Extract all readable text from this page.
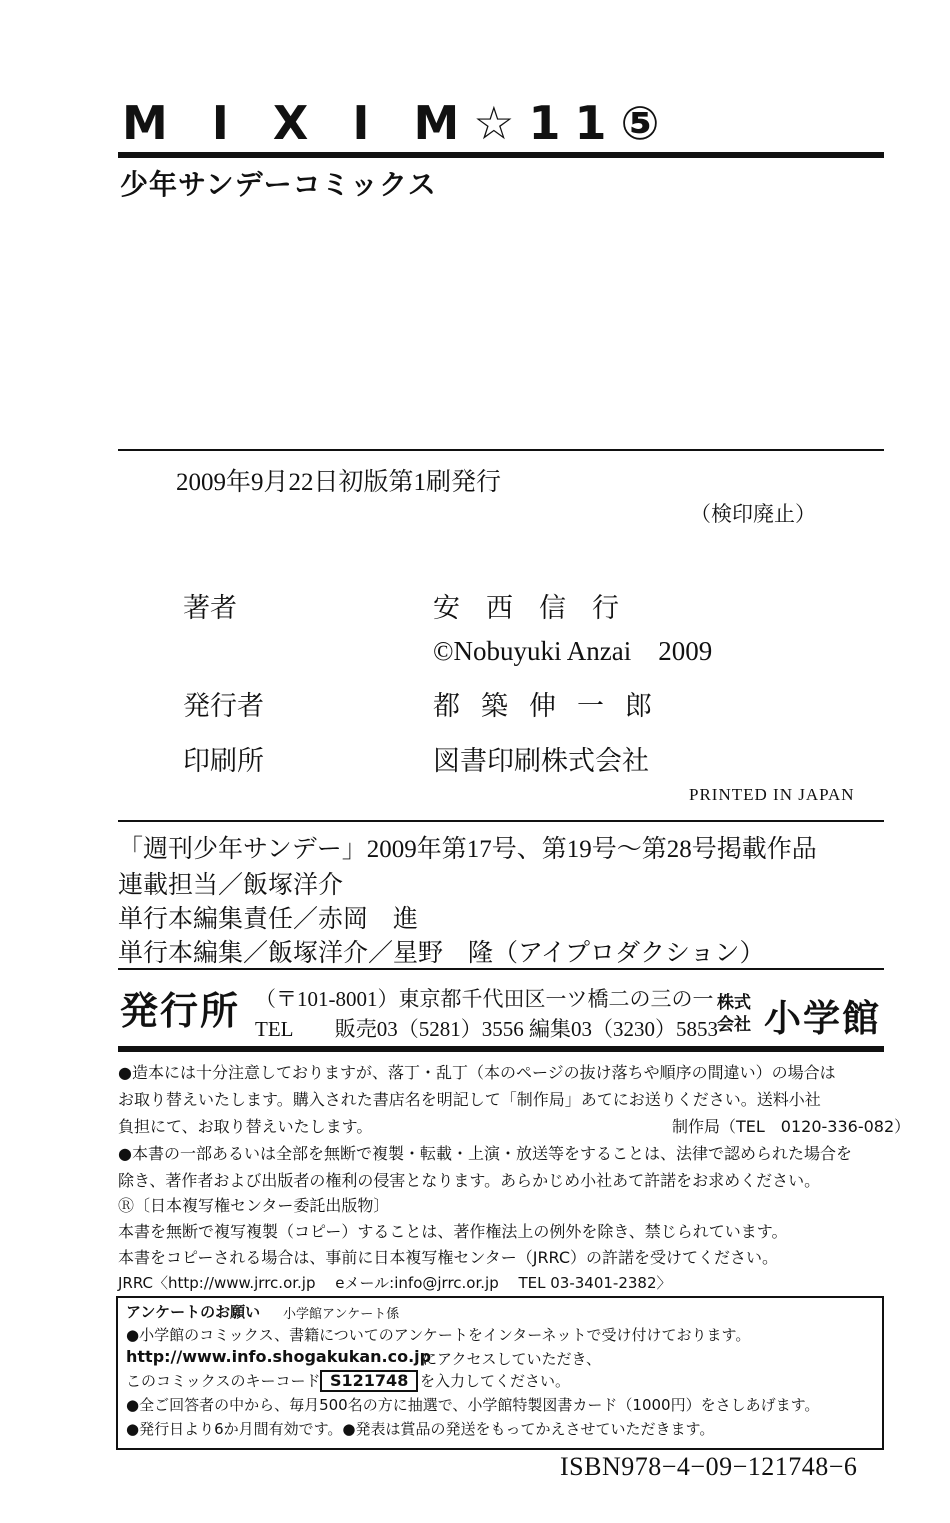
M I X I M☆11⑤
少年サンデーコミックス
2009年9月22日初版第1刷発行
（検印廃止）
著者	安西信行
©Nobuyuki Anzai　2009
発行者	都築伸一郎
印刷所	図書印刷株式会社
PRINTED IN JAPAN
「週刊少年サンデー」2009年第17号、第19号～第28号掲載作品
連載担当／飯塚洋介
単行本編集責任／赤岡　進
単行本編集／飯塚洋介／星野　隆（アイプロダクション）
発行所 （〒101-8001）東京都千代田区一ツ橋二の三の一
TEL　　販売03（5281）3556 編集03（3230）5853
株式
会社 小学館
●造本には十分注意しておりますが、落丁・乱丁（本のページの抜け落ちや順序の間違い）の場合は
お取り替えいたします。購入された書店名を明記して「制作局」あてにお送りください。送料小社
負担にて、お取り替えいたします。	制作局（TEL　0120-336-082）
●本書の一部あるいは全部を無断で複製・転載・上演・放送等をすることは、法律で認められた場合を
除き、著作者および出版者の権利の侵害となります。あらかじめ小社あて許諾をお求めください。
Ⓡ〔日本複写権センター委託出版物〕
本書を無断で複写複製（コピー）することは、著作権法上の例外を除き、禁じられています。
本書をコピーされる場合は、事前に日本複写権センター（JRRC）の許諾を受けてください。
JRRC〈http://www.jrrc.or.jp　 eメール:info@jrrc.or.jp　 TEL 03-3401-2382〉
アンケートのお願い 小学館アンケート係
●小学館のコミックス、書籍についてのアンケートをインターネットで受け付けております。
http://www.info.shogakukan.co.jp
にアクセスしていただき、
このコミックスのキーコード S121748 を入力してください。
●全ご回答者の中から、毎月500名の方に抽選で、小学館特製図書カード（1000円）をさしあげます。
●発行日より6か月間有効です。●発表は賞品の発送をもってかえさせていただきます。
ISBN978−4−09−121748−6
